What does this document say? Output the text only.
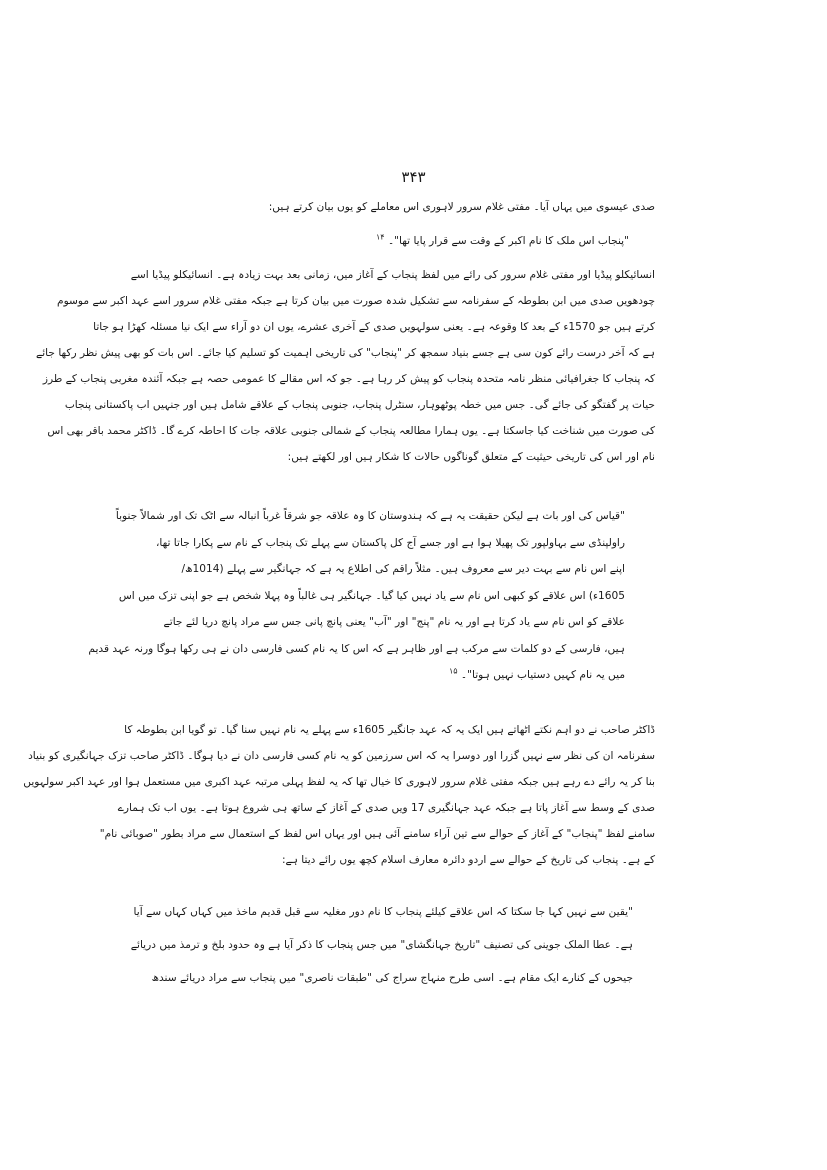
۳۴۳
صدی عیسوی میں یہاں آیا۔ مفتی غلام سرور لاہوری اس معاملے کو یوں بیان کرتے ہیں:
"پنجاب اس ملک کا نام اکبر کے وقت سے قرار پایا تھا"۔ $^{۱۴}$
انسائیکلو پیڈیا اور مفتی غلام سرور کی رائے میں لفظ پنجاب کے آغاز میں، زمانی بعد بہت زیادہ ہے۔ انسائیکلو پیڈیا اسے
چودھویں صدی میں ابن بطوطہ کے سفرنامہ سے تشکیل شدہ صورت میں بیان کرتا ہے جبکہ مفتی غلام سرور اسے عہد اکبر سے موسوم
کرتے ہیں جو 1570ء کے بعد کا وقوعہ ہے۔ یعنی سولہویں صدی کے آخری عشرے، یوں ان دو آراء سے ایک نیا مسئلہ کھڑا ہو جاتا
ہے کہ آخر درست رائے کون سی ہے جسے بنیاد سمجھ کر "پنجاب" کی تاریخی اہمیت کو تسلیم کیا جائے۔ اس بات کو بھی پیش نظر رکھا جائے
کہ پنجاب کا جغرافیائی منظر نامہ متحدہ پنجاب کو پیش کر رہا ہے۔ جو کہ اس مقالے کا عمومی حصہ ہے جبکہ آئندہ مغربی پنجاب کے طرز
حیات پر گفتگو کی جائے گی۔ جس میں خطہ پوٹھوہار، سنٹرل پنجاب، جنوبی پنجاب کے علاقے شامل ہیں اور جنہیں اب پاکستانی پنجاب
کی صورت میں شناخت کیا جاسکتا ہے۔ یوں ہمارا مطالعہ پنجاب کے شمالی جنوبی علاقہ جات کا احاطہ کرے گا۔ ڈاکٹر محمد باقر بھی اس
نام اور اس کی تاریخی حیثیت کے متعلق گوناگوں حالات کا شکار ہیں اور لکھتے ہیں:
"قیاس کی اور بات ہے لیکن حقیقت یہ ہے کہ ہندوستان کا وہ علاقہ جو شرقاً غرباً انبالہ سے اٹک تک اور شمالاً جنوباً
راولپنڈی سے بہاولپور تک پھیلا ہوا ہے اور جسے آج کل پاکستان سے پہلے تک پنجاب کے نام سے پکارا جاتا تھا،
اپنے اس نام سے بہت دیر سے معروف ہیں۔ مثلاً راقم کی اطلاع یہ ہے کہ جہانگیر سے پہلے (1014ھ/
1605ء) اس علاقے کو کبھی اس نام سے یاد نہیں کیا گیا۔ جہانگیر ہی غالباً وہ پہلا شخص ہے جو اپنی تزک میں اس
علاقے کو اس نام سے یاد کرتا ہے اور یہ نام "پنج" اور "آب" یعنی پانچ پانی جس سے مراد پانچ دریا لئے جاتے
ہیں، فارسی کے دو کلمات سے مرکب ہے اور ظاہر ہے کہ اس کا یہ نام کسی فارسی دان نے ہی رکھا ہوگا ورنہ عہد قدیم
میں یہ نام کہیں دستیاب نہیں ہوتا"۔ $^{۱۵}$
ڈاکٹر صاحب نے دو اہم نکتے اٹھاتے ہیں ایک یہ کہ عہد جانگیر 1605ء سے پہلے یہ نام نہیں سنا گیا۔ تو گویا ابن بطوطہ کا
سفرنامہ ان کی نظر سے نہیں گزرا اور دوسرا یہ کہ اس سرزمین کو یہ نام کسی فارسی دان نے دیا ہوگا۔ ڈاکٹر صاحب تزک جہانگیری کو بنیاد
بنا کر یہ رائے دے رہے ہیں جبکہ مفتی غلام سرور لاہوری کا خیال تھا کہ یہ لفظ پہلی مرتبہ عہد اکبری میں مستعمل ہوا اور عہد اکبر سولہویں
صدی کے وسط سے آغاز پاتا ہے جبکہ عہد جہانگیری 17 ویں صدی کے آغاز کے ساتھ ہی شروع ہوتا ہے۔ یوں اب تک ہمارے
سامنے لفظ "پنجاب" کے آغاز کے حوالے سے تین آراء سامنے آئی ہیں اور یہاں اس لفظ کے استعمال سے مراد بطور "صوبائی نام"
کے ہے۔ پنجاب کی تاریخ کے حوالے سے اردو دائرہ معارف اسلام کچھ یوں رائے دیتا ہے:
"یقین سے نہیں کہا جا سکتا کہ اس علاقے کیلئے پنجاب کا نام دور مغلیہ سے قبل قدیم ماخذ میں کہاں کہاں سے آیا
ہے۔ عطا الملک جوینی کی تصنیف "تاریخ جہانگشای" میں جس پنجاب کا ذکر آیا ہے وہ حدود بلخ و ترمذ میں دریائے
جیحوں کے کنارے ایک مقام ہے۔ اسی طرح منہاج سراج کی "طبقات ناصری" میں پنجاب سے مراد دریائے سندھ
